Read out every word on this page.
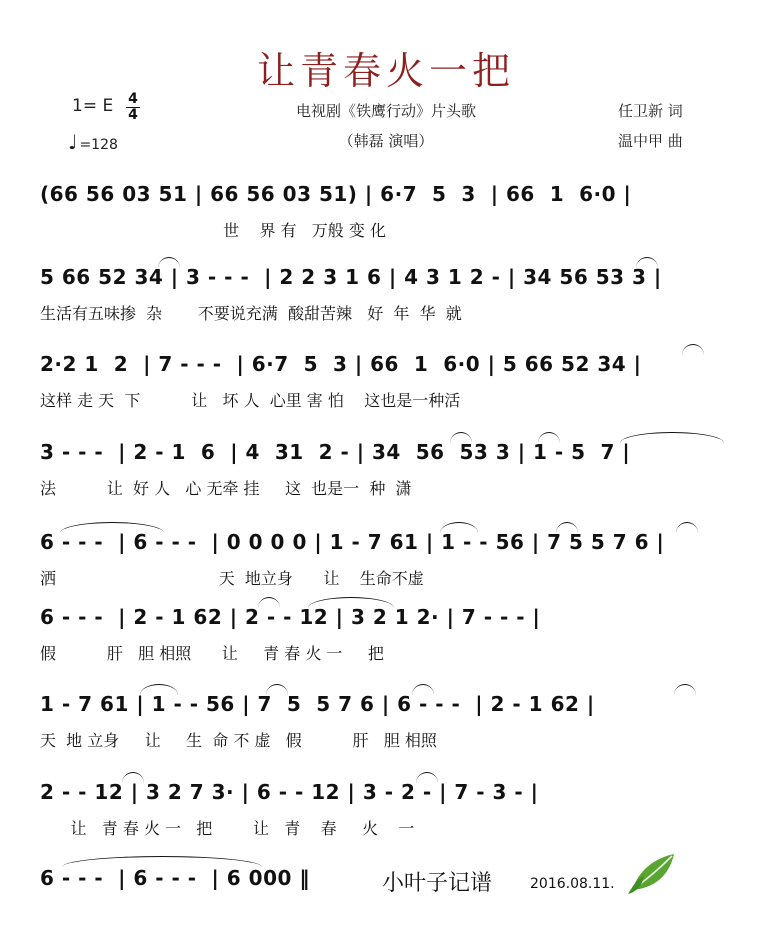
让青春火一把
1= E 4
4
♩ =128
电视剧《铁鹰行动》片头歌
（韩磊 演唱）
任卫新 词
温中甲 曲
(66 56 03 51 | 66 56 03 51) | 6·7  5  3  | 66  1  6·0 |
世    界 有   万般 变 化
5 66 52 34 | 3 - - -  | 2 2 3 1 6 | 4 3 1 2 - | 34 56 53 3 |
生活有五味掺  杂       不要说充满  酸甜苦辣   好  年  华  就
2·2 1  2  | 7 - - -  | 6·7  5  3 | 66  1  6·0 | 5 66 52 34 |
这样 走 天  下          让   坏 人  心里 害 怕    这也是一种活
3 - - -  | 2 - 1  6  | 4  31  2 - | 34  56  53 3 | 1 - 5  7 |
法          让  好 人   心 无牵 挂     这  也是一  种  潇
6 - - -  | 6 - - -  | 0 0 0 0 | 1 - 7 61 | 1 - - 56 | 7 5 5 7 6 |
洒                                天  地立身      让    生命不虚
6 - - -  | 2 - 1 62 | 2 - - 12 | 3 2 1 2· | 7 - - - |
假          肝   胆 相照      让     青 春 火 一     把
1 - 7 61 | 1 - - 56 | 7  5  5 7 6 | 6 - - -  | 2 - 1 62 |
天  地 立身     让     生  命 不 虚   假          肝   胆 相照
2 - - 12 | 3 2 7 3· | 6 - - 12 | 3 - 2 - | 7 - 3 - |
让   青 春 火 一   把        让   青    春     火    一
6 - - -  | 6 - - -  | 6 000 ‖	小叶子记谱	2016.08.11.
